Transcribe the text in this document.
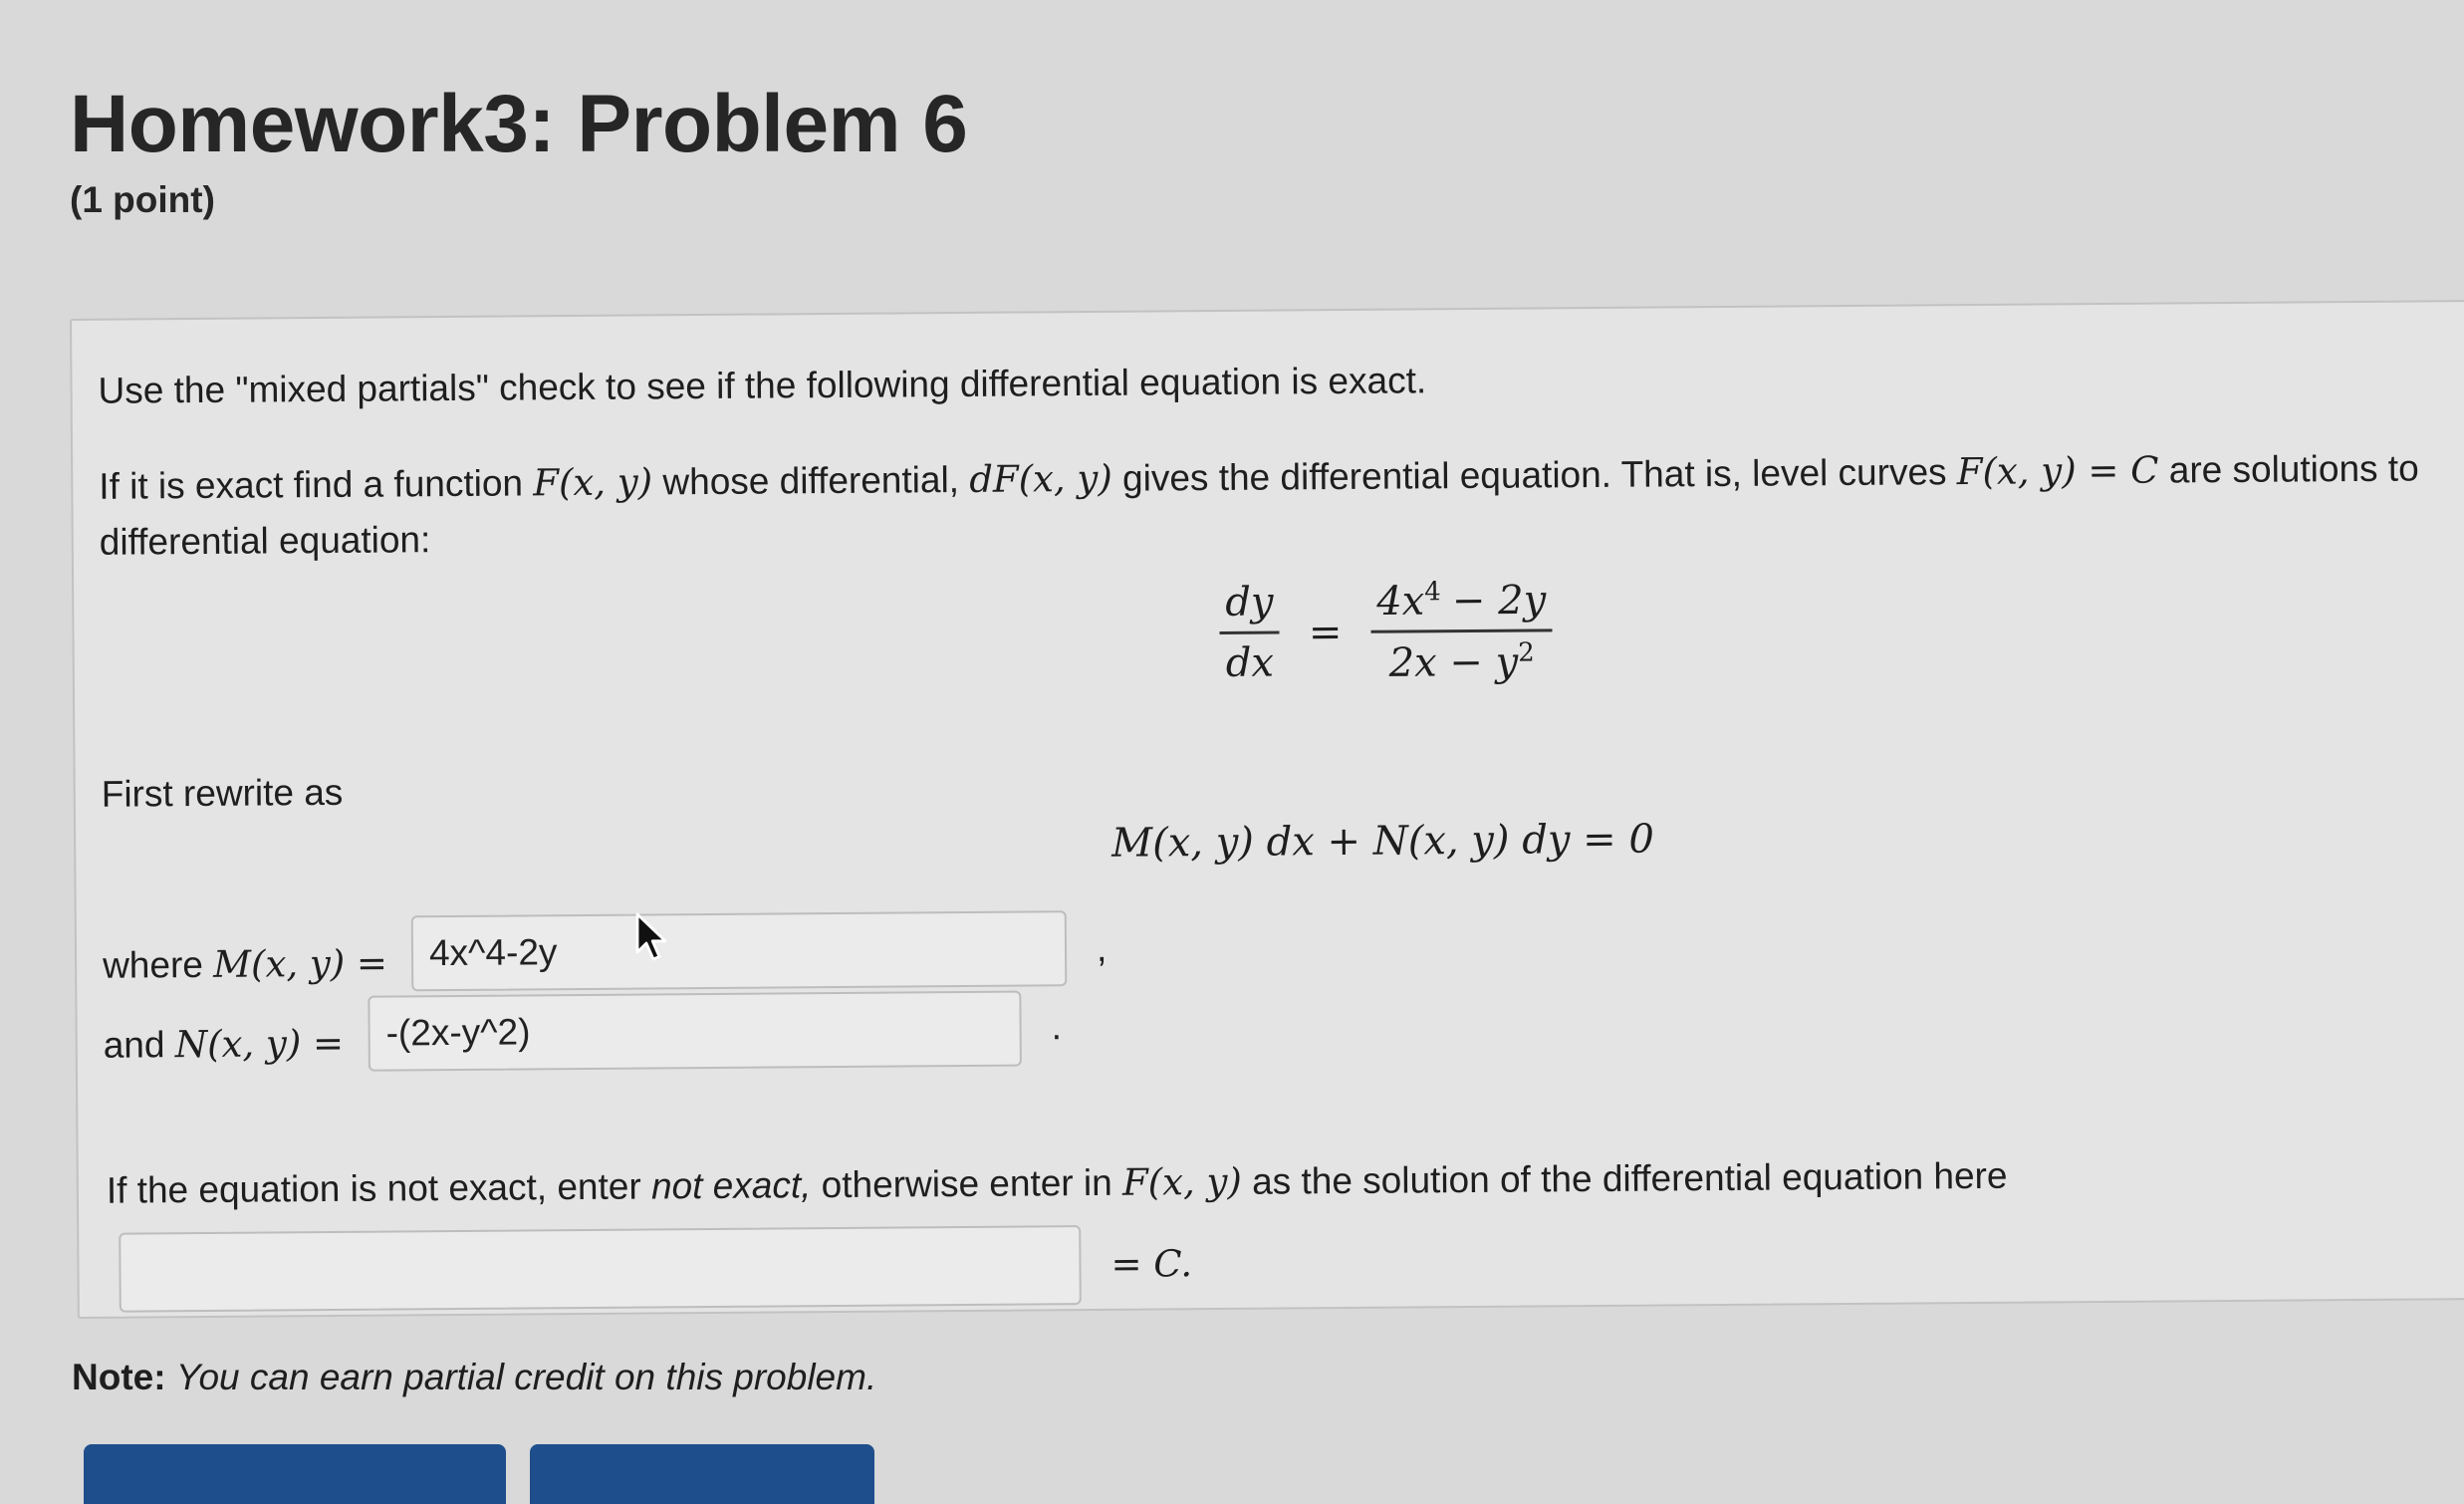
Homework3: Problem 6
(1 point)
Use the "mixed partials" check to see if the following differential equation is exact.
If it is exact find a function F(x, y) whose differential, dF(x, y) gives the differential equation. That is, level curves F(x, y) = C are solutions to
differential equation:
$\frac{dy}{dx} = \frac{4x^4 - 2y}{2x - y^2}$
First rewrite as
M(x, y) dx + N(x, y) dy = 0
where M(x, y) =	4x^4-2y	,
and N(x, y) =	-(2x-y^2)	.
If the equation is not exact, enter not exact, otherwise enter in F(x, y) as the solution of the differential equation here
= C.
Note: You can earn partial credit on this problem.
